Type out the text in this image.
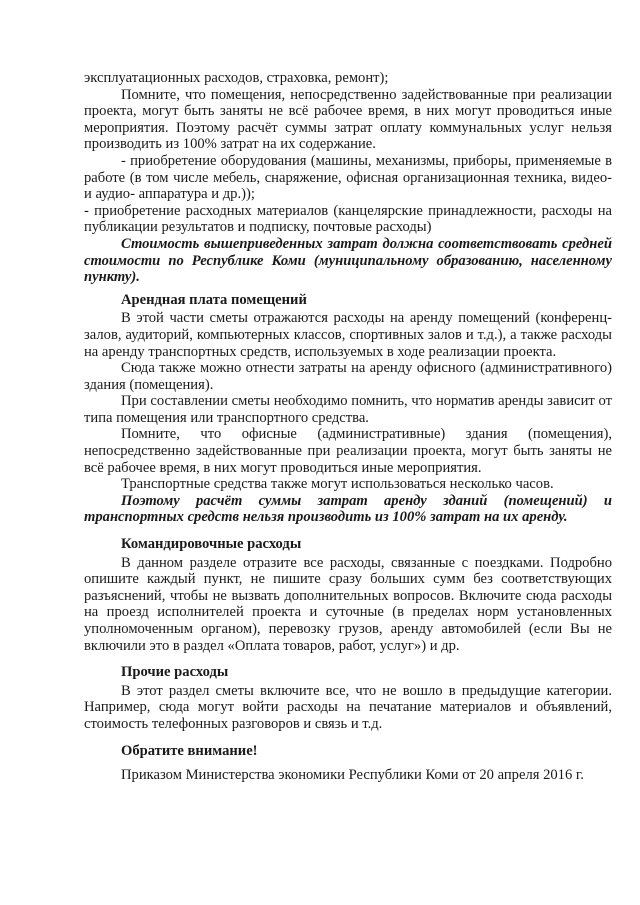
эксплуатационных расходов, страховка, ремонт);

Помните, что помещения, непосредственно задействованные при реализации проекта, могут быть заняты не всё рабочее время, в них могут проводиться иные мероприятия. Поэтому расчёт суммы затрат оплату коммунальных услуг нельзя производить из 100% затрат на их содержание.

- приобретение оборудования (машины, механизмы, приборы, применяемые в работе (в том числе мебель, снаряжение, офисная организационная техника, видео- и аудио- аппаратура и др.));

- приобретение расходных материалов (канцелярские принадлежности, расходы на публикации результатов и подписку, почтовые расходы)

Стоимость вышеприведенных затрат должна соответствовать средней стоимости по Республике Коми (муниципальному образованию, населенному пункту).

Арендная плата помещений

В этой части сметы отражаются расходы на аренду помещений (конференц-залов, аудиторий, компьютерных классов, спортивных залов и т.д.), а также расходы на аренду транспортных средств, используемых в ходе реализации проекта.

Сюда также можно отнести затраты на аренду офисного (административного) здания (помещения).

При составлении сметы необходимо помнить, что норматив аренды зависит от типа помещения или транспортного средства.

Помните, что офисные (административные) здания (помещения), непосредственно задействованные при реализации проекта, могут быть заняты не всё рабочее время, в них могут проводиться иные мероприятия.

Транспортные средства также могут использоваться несколько часов.

Поэтому расчёт суммы затрат аренду зданий (помещений) и транспортных средств нельзя производить из 100% затрат на их аренду.

Командировочные расходы

В данном разделе отразите все расходы, связанные с поездками. Подробно опишите каждый пункт, не пишите сразу больших сумм без соответствующих разъяснений, чтобы не вызвать дополнительных вопросов. Включите сюда расходы на проезд исполнителей проекта и суточные (в пределах норм установленных уполномоченным органом), перевозку грузов, аренду автомобилей (если Вы не включили это в раздел «Оплата товаров, работ, услуг») и др.

Прочие расходы

В этот раздел сметы включите все, что не вошло в предыдущие категории. Например, сюда могут войти расходы на печатание материалов и объявлений, стоимость телефонных разговоров и связь и т.д.

Обратите внимание!

Приказом Министерства экономики Республики Коми от 20 апреля 2016 г.
